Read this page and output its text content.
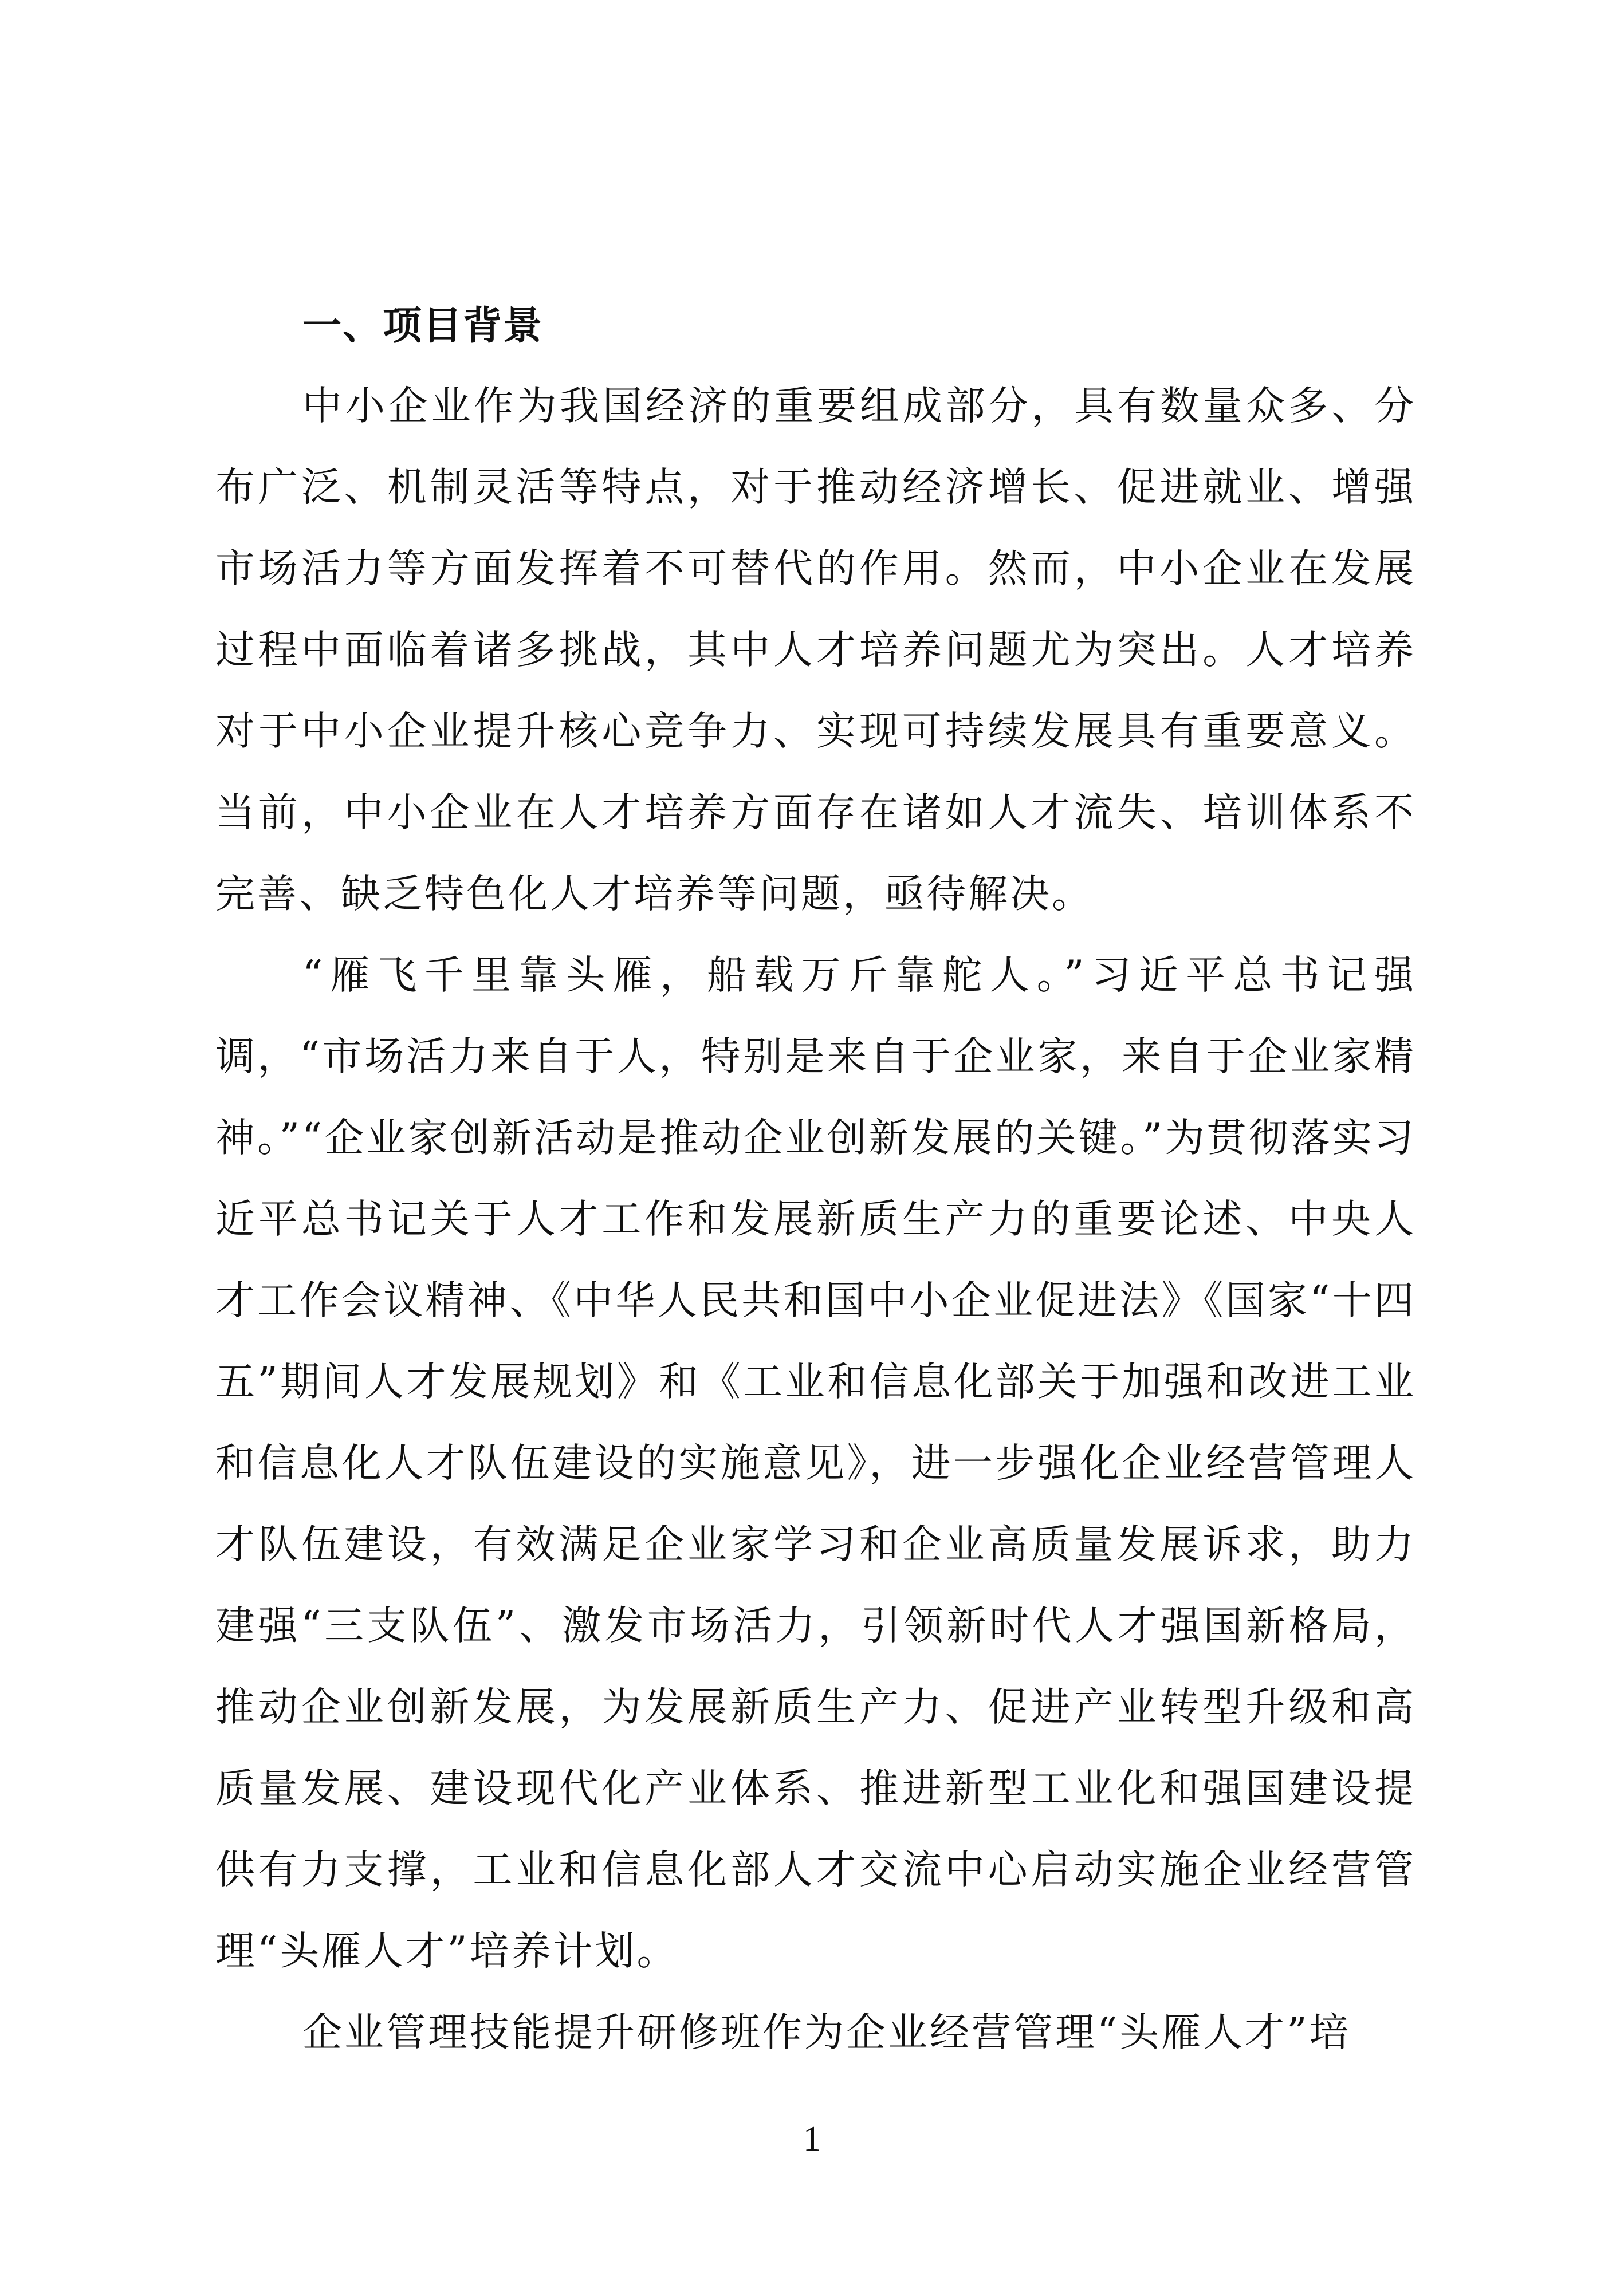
一、项目背景

中小企业作为我国经济的重要组成部分，具有数量众多、分布广泛、机制灵活等特点，对于推动经济增长、促进就业、增强市场活力等方面发挥着不可替代的作用。然而，中小企业在发展过程中面临着诸多挑战，其中人才培养问题尤为突出。人才培养对于中小企业提升核心竞争力、实现可持续发展具有重要意义。当前，中小企业在人才培养方面存在诸如人才流失、培训体系不完善、缺乏特色化人才培养等问题，亟待解决。

“雁飞千里靠头雁，船载万斤靠舵人。”习近平总书记强调，“市场活力来自于人，特别是来自于企业家，来自于企业家精神。”“企业家创新活动是推动企业创新发展的关键。”为贯彻落实习近平总书记关于人才工作和发展新质生产力的重要论述、中央人才工作会议精神、《中华人民共和国中小企业促进法》《国家“十四五”期间人才发展规划》和《工业和信息化部关于加强和改进工业和信息化人才队伍建设的实施意见》，进一步强化企业经营管理人才队伍建设，有效满足企业家学习和企业高质量发展诉求，助力建强“三支队伍”、激发市场活力，引领新时代人才强国新格局，推动企业创新发展，为发展新质生产力、促进产业转型升级和高质量发展、建设现代化产业体系、推进新型工业化和强国建设提供有力支撑，工业和信息化部人才交流中心启动实施企业经营管理“头雁人才”培养计划。

企业管理技能提升研修班作为企业经营管理“头雁人才”培

1
